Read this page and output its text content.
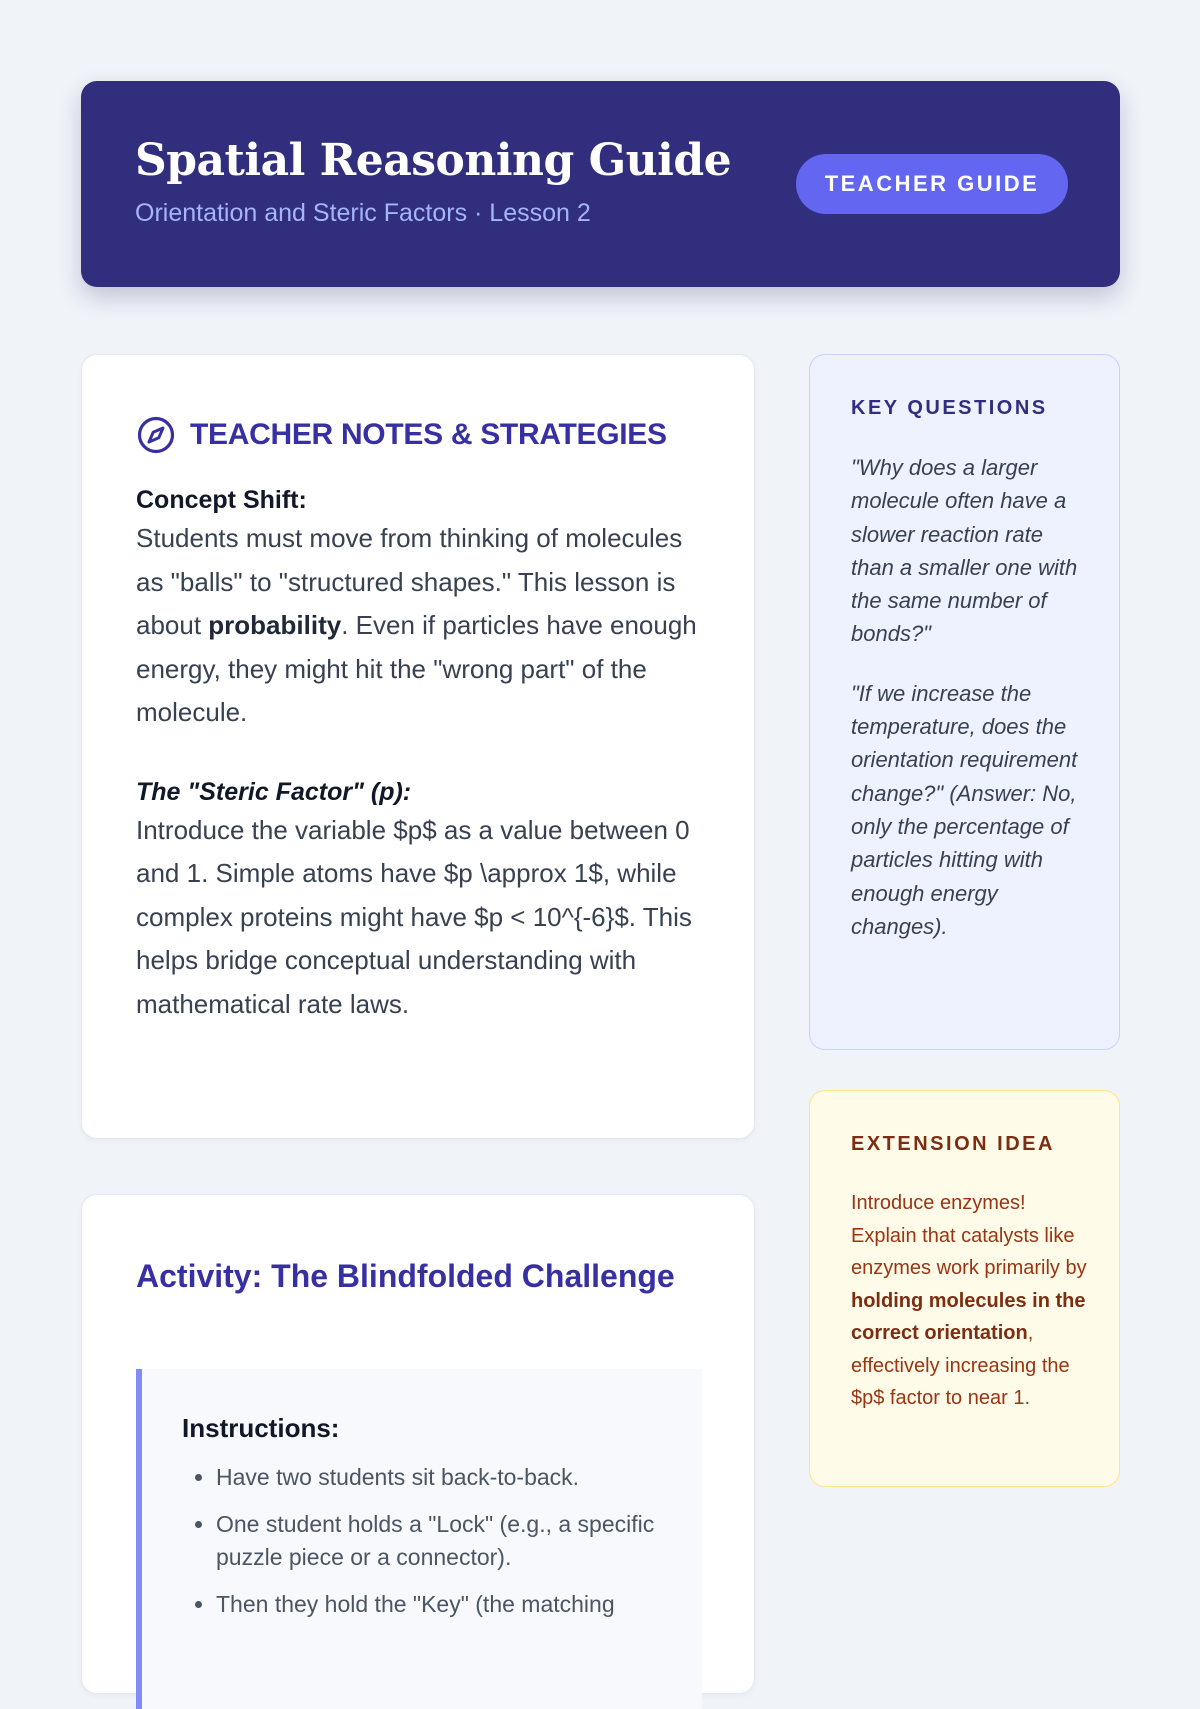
Spatial Reasoning Guide
Orientation and Steric Factors · Lesson 2
TEACHER GUIDE
TEACHER NOTES & STRATEGIES
Concept Shift:

Students must move from thinking of molecules as "balls" to "structured shapes." This lesson is about probability. Even if particles have enough energy, they might hit the "wrong part" of the molecule.

The "Steric Factor" (p):

Introduce the variable $p$ as a value between 0 and 1. Simple atoms have $p \approx 1$, while complex proteins might have $p < 10^{-6}$. This helps bridge conceptual understanding with mathematical rate laws.

Activity: The Blindfolded Challenge
Instructions:
• Have two students sit back-to-back.
• One student holds a "Lock" (e.g., a specific puzzle piece or a connector).
• Then they hold the "Key" (the matching
KEY QUESTIONS

"Why does a larger molecule often have a slower reaction rate than a smaller one with the same number of bonds?"

"If we increase the temperature, does the orientation requirement change?" (Answer: No, only the percentage of particles hitting with enough energy changes).

EXTENSION IDEA

Introduce enzymes! Explain that catalysts like enzymes work primarily by holding molecules in the correct orientation, effectively increasing the $p$ factor to near 1.
